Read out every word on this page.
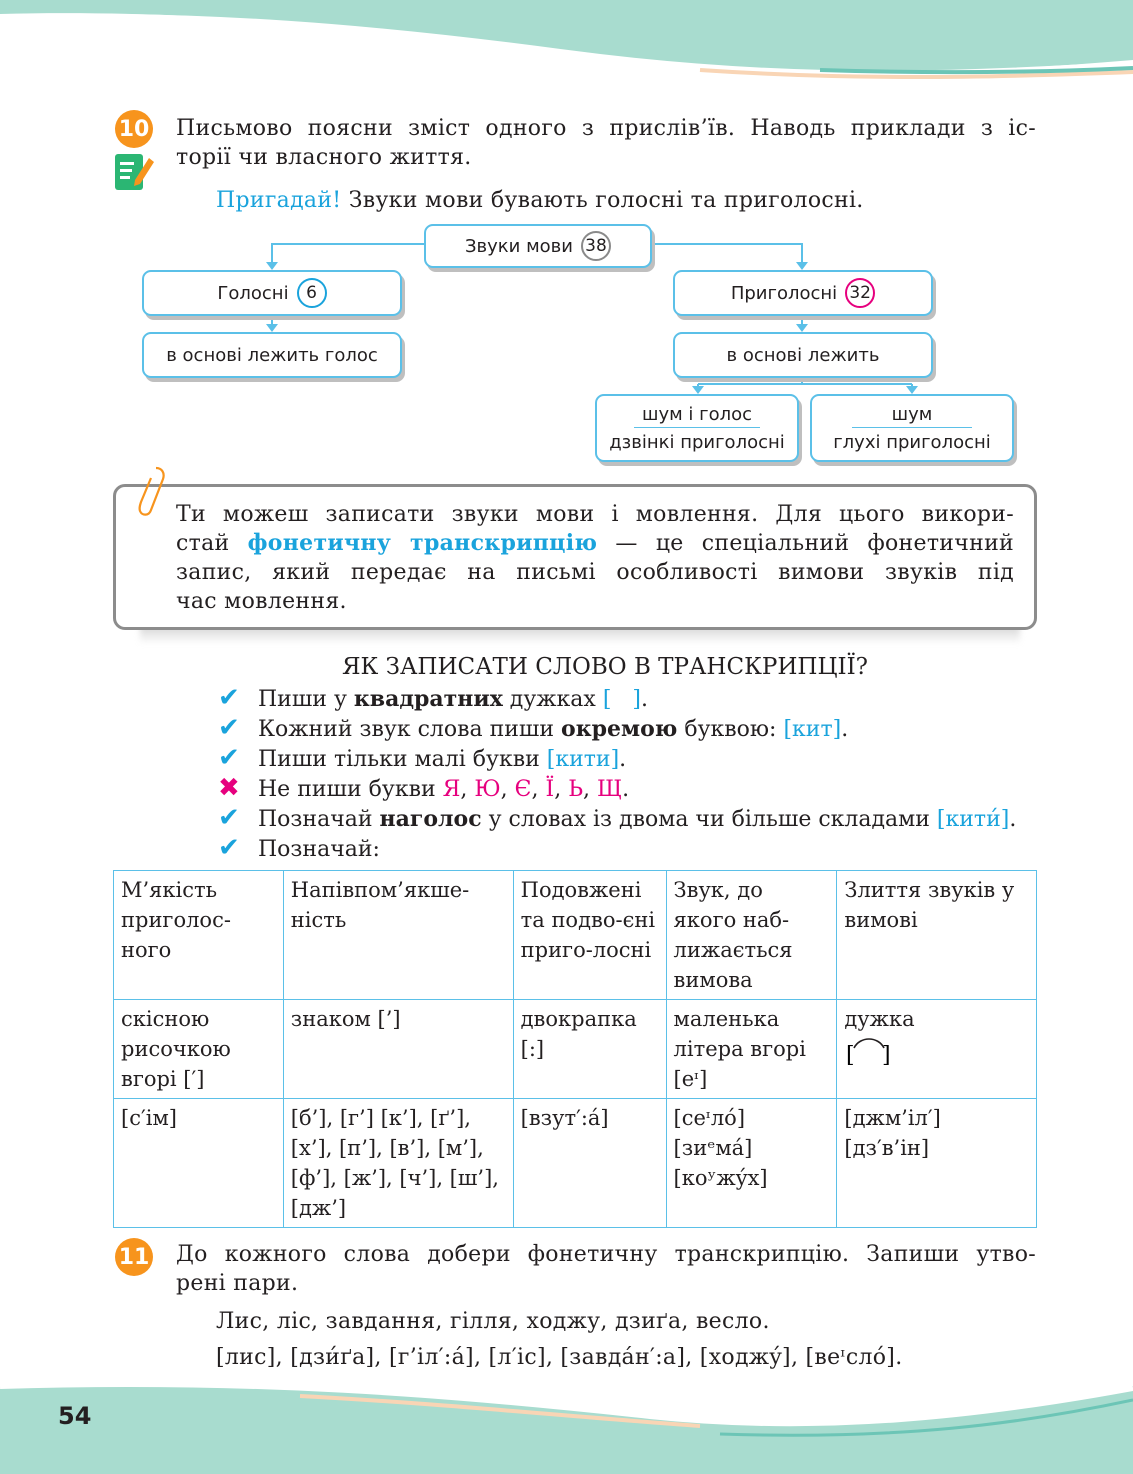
10 Письмово поясни зміст одного з прислів’їв. Наводь приклади з іс-
торії чи власного життя.
Пригадай! Звуки мови бувають голосні та приголосні.
Звуки мови 38
Голосні	6	Приголосні 32
в основі лежить голос	в основі лежить
шум і голос
дзвінкі приголосні
шум
глухі приголосні
Ти можеш записати звуки мови і мовлення. Для цього викори-
стай фонетичну транскрипцію — це спеціальний фонетичний
запис, який передає на письмі особливості вимови звуків під
час мовлення.
ЯК ЗАПИСАТИ СЛОВО В ТРАНСКРИПЦІЇ?
✔ Пиши у квадратних дужках [   ].
✔ Кожний звук слова пиши окремою буквою: [кит].
✔ Пиши тільки малі букви [кити].
✖ Не пиши букви Я, Ю, Є, Ї, Ь, Щ.
✔ Позначай наголос у словах із двома чи більше складами [кити́].
✔ Позначай:
М’якість приголос-ного	Напівпом’якше-ність	Подовжені та подво-єні приго-лосні	Звук, до якого наб-лижається вимова	Злиття звуків у вимові
скісною рисочкою вгорі [′]	знаком [’]	двокрапка [:]	маленька літера вгорі [еᶦ]	дужка
[ ]

[с′ім]	[б’], [г’] [к’], [ґ’], [х’], [п’], [в’], [м’], [ф’], [ж’], [ч’], [ш’], [дж’]	[взут′:á]	[сеᶦлó] [зиᵉмá] [коʸжýх]	[джм’іл′] [дз′в’ін]
11 До кожного слова добери фонетичну транскрипцію. Запиши утво-
рені пари.
Лис, ліс, завдання, гілля, ходжу, дзиґа, весло.
[лис], [дзи́ґа], [г’іл′:á], [л′іс], [завдáн′:а], [ходжý], [веᶦсло́].
54
